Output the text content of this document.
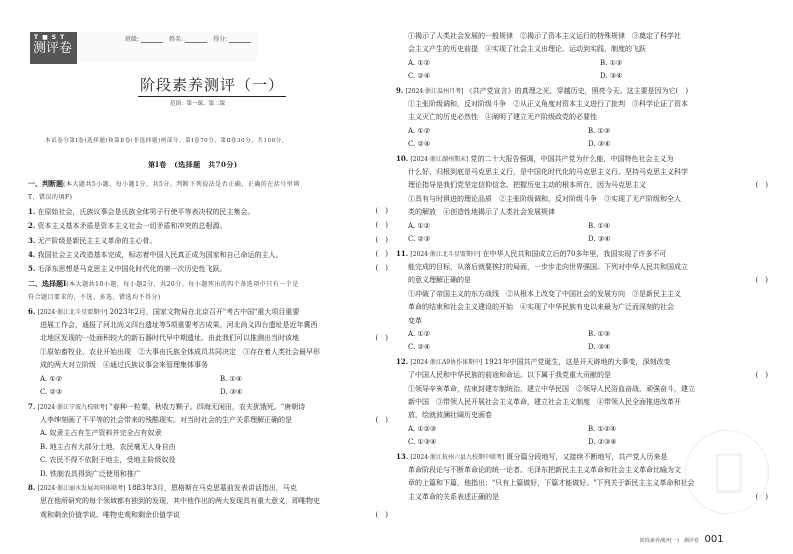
T■ST
测评卷
班级:	姓名:	得分:
阶段素养测评（一）
范围：第一课、第二课
本试卷分第Ⅰ卷(选择题)和第Ⅱ卷(非选择题)两部分。第Ⅰ卷70分，第Ⅱ卷30分，共100分。
第Ⅰ卷　(选择题　共70分)
一、判断题(本大题共5小题，每小题1分，共5分。判断下列说法是否正确，正确的在括号里填
T，错误的填F)
1. 在原始社会，氏族议事会是氏族全体男子行使平等表决权的民主集会。	(　)
2. 资本主义基本矛盾是资本主义社会一切矛盾和冲突的总根源。	(　)
3. 无产阶级是新民主主义革命的主心骨。	(　)
4. 我国社会主义改造基本完成，标志着中国人民真正成为国家和自己命运的主人。	(　)
5. 毛泽东思想是马克思主义中国化时代化的第一次历史性飞跃。	(　)
二、选择题Ⅰ(本大题共10小题，每小题2分，共20分。每小题列出的四个备选项中只有一个是
符合题目要求的，不选、多选、错选均不得分)
6. [2024·浙江北斗星盟期中] 2023年2月，国家文物局在北京召开"考古中国"重大项目重要
进展工作会，通报了河北尚义四台遗址等5项重要考古成果。河北尚义四台遗址是近年冀西
北地区发现的一处面积较大的新石器时代早中期遗址。由此我们可以推测出当时该地	(　)
①原始畜牧业、农业开始出现　②大事由氏族全体成员共同决定　③存在着人类社会最早形
成的两大对立阶级　④通过氏族议事会来管理集体事务
A. ①②	B. ①④
C. ②③	D. ③④
7. [2024·浙江宁波九校联考] "春种一粒粟，秋收万颗子。四海无闲田，农夫犹饿死。"唐朝诗
人李绅刻画了不平等的社会带来的残酷现实。对当时社会的生产关系理解正确的是	(　)
A. 奴隶主占有生产资料并完全占有奴隶
B. 地主占有大部分土地，农民毫无人身自由
C. 农民不得不依附于地主，受地主阶级奴役
D. 铁制农具得到广泛使用和推广
8. [2024·浙江丽水发展共同体联考] 1883年3月，恩格斯在马克思墓前发表讲话指出，马克
思在他所研究的每个领域都有独到的发现，其中他作出的两大发现具有重大意义，即唯物史
观和剩余价值学说。唯物史观和剩余价值学说	(　)
①揭示了人类社会发展的一般规律　②揭示了资本主义运行的特殊规律　③奠定了科学社
会主义产生的历史前提　④实现了社会主义由理论、运动到实践、制度的飞跃
A. ①②	B. ①③
C. ②④	D. ③④
9. [2024·浙江温州月考] 《共产党宣言》的真理之光，穿越历史，照亮今天。这主要是因为它(　)
①主张阶级调和，反对阶级斗争　②从正义角度对资本主义进行了批判　③科学论证了资本
主义灭亡的历史必然性　④阐明了建立无产阶级政党的必要性
A. ①②	B. ①③
C. ②④	D. ③④
10. [2024·浙江湖州期末] 党的二十大报告强调，中国共产党为什么能，中国特色社会主义为
什么好，归根到底是马克思主义行，是中国化时代化的马克思主义行。坚持马克思主义科学
理论指导是我们党坚定信仰信念、把握历史主动的根本所在，因为马克思主义	(　)
①具有与时俱进的理论品质　②主张阶级调和，反对阶级斗争　③实现了无产阶级和全人
类的解放　④创造性地揭示了人类社会发展规律
A. ①②	B. ①④
C. ②③	D. ③④
11. [2024·浙江北斗星盟期中] 在中华人民共和国成立后的70多年里，我国实现了许多不可
能完成的目标，从落后就要挨打的局面，一步步走向世界强国。下列对中华人民共和国成立
的意义理解正确的是	(　)
①冲破了帝国主义的东方战线　②从根本上改变了中国社会的发展方向　③是新民主主义
革命的结束和社会主义建设的开始　④实现了中华民族有史以来最为广泛而深刻的社会
变革
A. ①②	B. ①③
C. ②④	D. ③④
12. [2024·浙江A9协作体期中] 1921年中国共产党诞生，这是开天辟地的大事变，深刻改变
了中国人民和中华民族的前途和命运。以下属于我党重大贡献的是	(　)
①领导辛亥革命，结束封建专制统治，建立中华民国　②领导人民浴血奋战，顽强奋斗，建立
新中国　③带领人民开展社会主义革命，建立社会主义制度　④带领人民全面推进改革开
放，绘就波澜壮阔历史画卷
A. ①②③	B. ①②④
C. ①③④	D. ②③④
13. [2024·浙江杭州六县九校期中联考] 既分篇分段地写，又接续不断地写，共产党人历来是
革命阶段论与不断革命论的统一论者。毛泽东把新民主主义革命和社会主义革命比喻为文
章的上篇和下篇，他指出："只有上篇做好，下篇才能做好。"下列关于新民主主义革命和社会
主义革命的关系表述正确的是	(　)
阶段素养测评(一)　测评卷 001
